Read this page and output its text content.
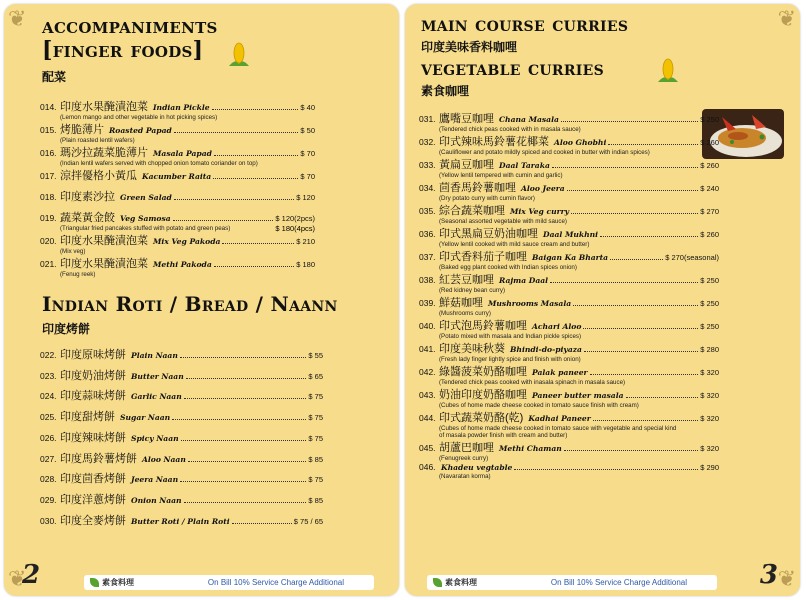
❦
❦
accompaniments
[finger foods]
配菜
014. 印度水果醃漬泡菜 Indian Pickle	$ 40
(Lemon mango and other vegetable in hot picking spices)
015. 烤脆薄片 Roasted Papad	$ 50
(Plain roasted lentil wafers)
016. 瑪沙拉蔬菜脆薄片 Masala Papad	$ 70
(Indian lentil wafers served with chopped onion tomato coriander on top)
017. 涼拌優格小黃瓜 Kacumber Raita	$ 70
018. 印度素沙拉 Green Salad	$ 120
019. 蔬菜黃金餃 Veg Samosa	$ 120(2pcs)
$ 180(4pcs)
(Triangular fried pancakes stuffed with potato and green peas)
020. 印度水果醃漬泡菜 Mix Veg Pakoda	$ 210
(Mix veg)
021. 印度水果醃漬泡菜 Methi Pakoda	$ 180
(Fenug reek)
Indian Roti / Bread / Naann
印度烤餅
022. 印度原味烤餅 Plain Naan	$ 55
023. 印度奶油烤餅 Butter Naan	$ 65
024. 印度蒜味烤餅 Garlic Naan	$ 75
025. 印度甜烤餅 Sugar Naan	$ 75
026. 印度辣味烤餅 Spicy Naan	$ 75
027. 印度馬鈴薯烤餅 Aloo Naan	$ 85
028. 印度茴香烤餅 Jeera Naan	$ 75
029. 印度洋蔥烤餅 Onion Naan	$ 85
030. 印度全麥烤餅 Butter Roti / Plain Roti	$ 75 / 65
2	素食料理	On Bill 10% Service Charge Additional
❦
❦
main course curries
印度美味香料咖哩
vegetable curries
素食咖哩
031. 鷹嘴豆咖哩 Chana Masala	$ 250
(Tendered chick peas cooked with in masala sauce)
032. 印式辣味馬鈴薯花椰菜 Aloo Ghobhi	$ 260
(Cauliflower and potato mildly spiced and cooked in butter with indian spices)
033. 黃扁豆咖哩 Daal Taraka	$ 260
(Yellow lentil tempered with cumin and garlic)
034. 茴香馬鈴薯咖哩 Aloo Jeera	$ 240
(Dry potato curry with cumin flavor)
035. 綜合蔬菜咖哩 Mix Veg curry	$ 270
(Seasonal assorted vegetable with mild sauce)
036. 印式黑扁豆奶油咖哩 Daal Mukhni	$ 260
(Yellow lentil cooked with mild sauce cream and butter)
037. 印式香料茄子咖哩 Baigan Ka Bharta	$ 270(seasonal)
(Baked egg plant cooked with Indian spices onion)
038. 紅芸豆咖哩 Rajma Daal	$ 250
(Red kidney bean curry)
039. 鮮菇咖哩 Mushrooms Masala	$ 250
(Mushrooms curry)
040. 印式泡馬鈴薯咖哩 Achari Aloo	$ 250
(Potato mixed with masala and Indian pickle spices)
041. 印度美味秋葵 Bhindi-do-piyaza	$ 280
(Fresh lady finger lightly spice and finish with onion)
042. 綠醬菠菜奶酪咖哩 Palak paneer	$ 320
(Tendered chick peas cooked with inasala spinach in masala sauce)
043. 奶油印度奶酪咖哩 Paneer butter masala	$ 320
(Cubes of home made cheese cooked in tomato sauce finish with cream)
044. 印式蔬菜奶酪(乾) Kadhai Paneer	$ 320
(Cubes of home made cheese cooked in tomato sauce with vegetable and special kind
of masala powder finish with cream and butter)
045. 胡蘆巴咖哩 Methi Chaman	$ 320
(Fenugreek curry)
046. Khadeu vegtable	$ 290
(Navaratan korma)
3
素食料理	On Bill 10% Service Charge Additional
